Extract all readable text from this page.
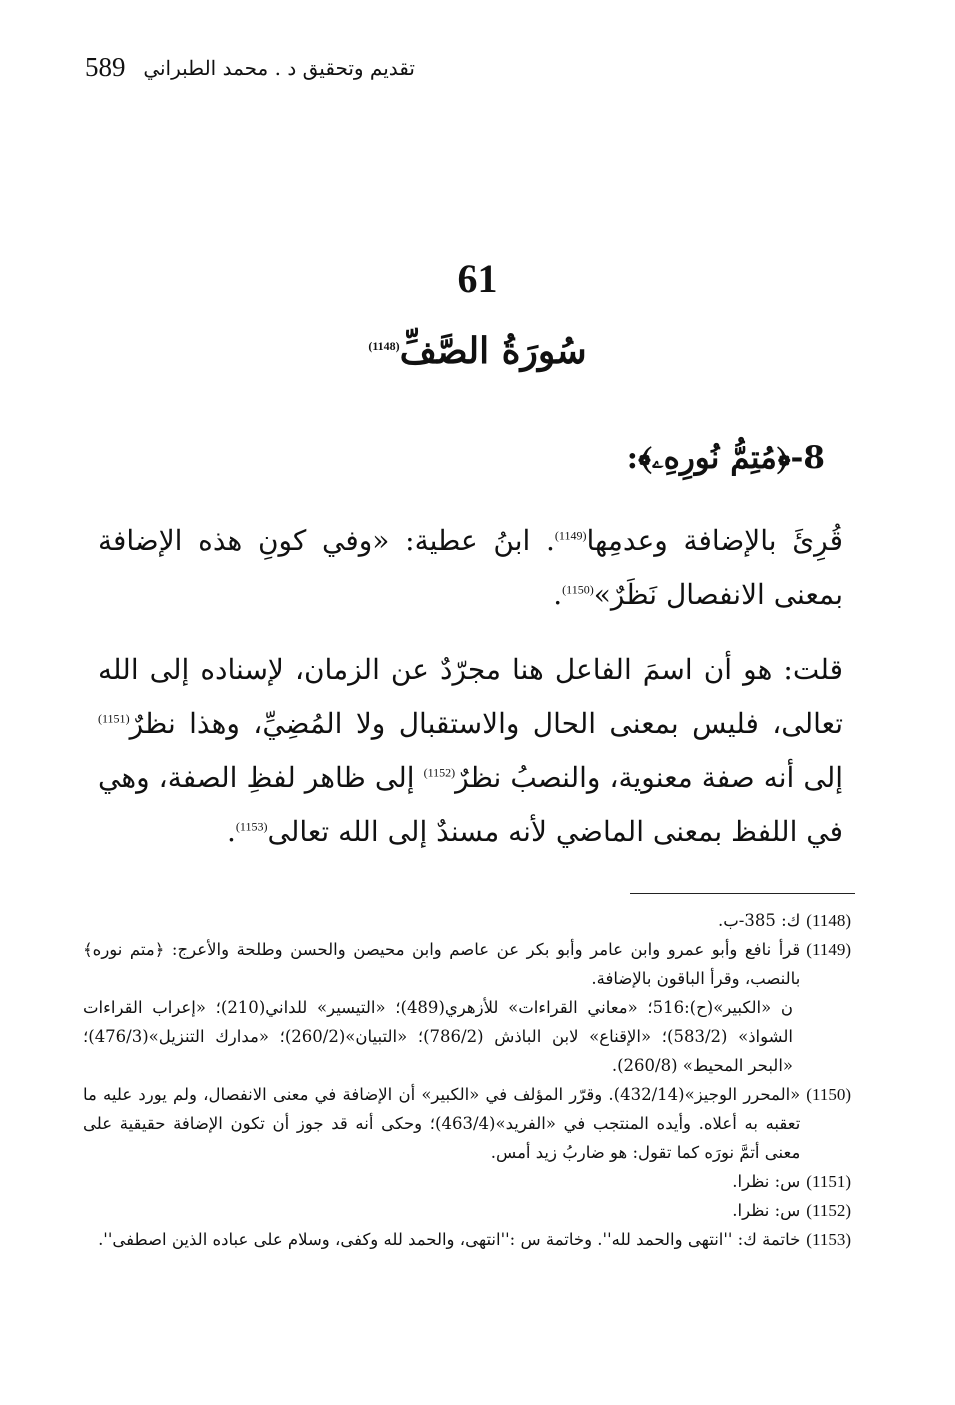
589 تقديم وتحقيق د . محمد الطبراني
61
سُورَةُ الصَّفِّ$^{(1148)}$
8-﴿مُتِمُّ نُورِهِۦ﴾:

قُرِئَ بالإضافة وعدمِها$^{(1149)}$. ابنُ عطية: «وفي كونِ هذه الإضافة بمعنى الانفصال نَظَرٌ»$^{(1150)}$.

قلت: هو أن اسمَ الفاعل هنا مجرّدٌ عن الزمان، لإسناده إلى الله تعالى، فليس بمعنى الحال والاستقبال ولا المُضِيِّ، وهذا نظرٌ$^{(1151)}$ إلى أنه صفة معنوية، والنصبُ نظرٌ$^{(1152)}$ إلى ظاهر لفظِ الصفة، وهي في اللفظ بمعنى الماضي لأنه مسندٌ إلى الله تعالى$^{(1153)}$.

(1148)
ك: 385-ب.
(1149)
قرأ نافع وأبو عمرو وابن عامر وأبو بكر عن عاصم وابن محيصن والحسن وطلحة والأعرج: ﴿متم نوره﴾ بالنصب، وقرأ الباقون بالإضافة.
ن «الكبير»(ح):516؛ «معاني القراءات» للأزهري(489)؛ «التيسير» للداني(210)؛ «إعراب القراءات الشواذ» (583/2)؛ «الإقناع» لابن الباذش (786/2)؛ «التبيان»(260/2)؛ «مدارك التنزيل»(476/3)؛ «البحر المحيط» (260/8).
(1150)
«المحرر الوجيز»(432/14). وقرّر المؤلف في «الكبير» أن الإضافة في معنى الانفصال، ولم يورد عليه ما تعقبه به أعلاه. وأيده المنتجب في «الفريد»(463/4)؛ وحكى أنه قد جوز أن تكون الإضافة حقيقية على معنى أتمَّ نورَه كما تقول: هو ضاربُ زيد أمس.
(1151)
س: نظرا.
(1152)
س: نظرا.
(1153)
خاتمة ك: ''انتهى والحمد لله''. وخاتمة س :''انتهى، والحمد لله وكفى، وسلام على عباده الذين اصطفى''.
